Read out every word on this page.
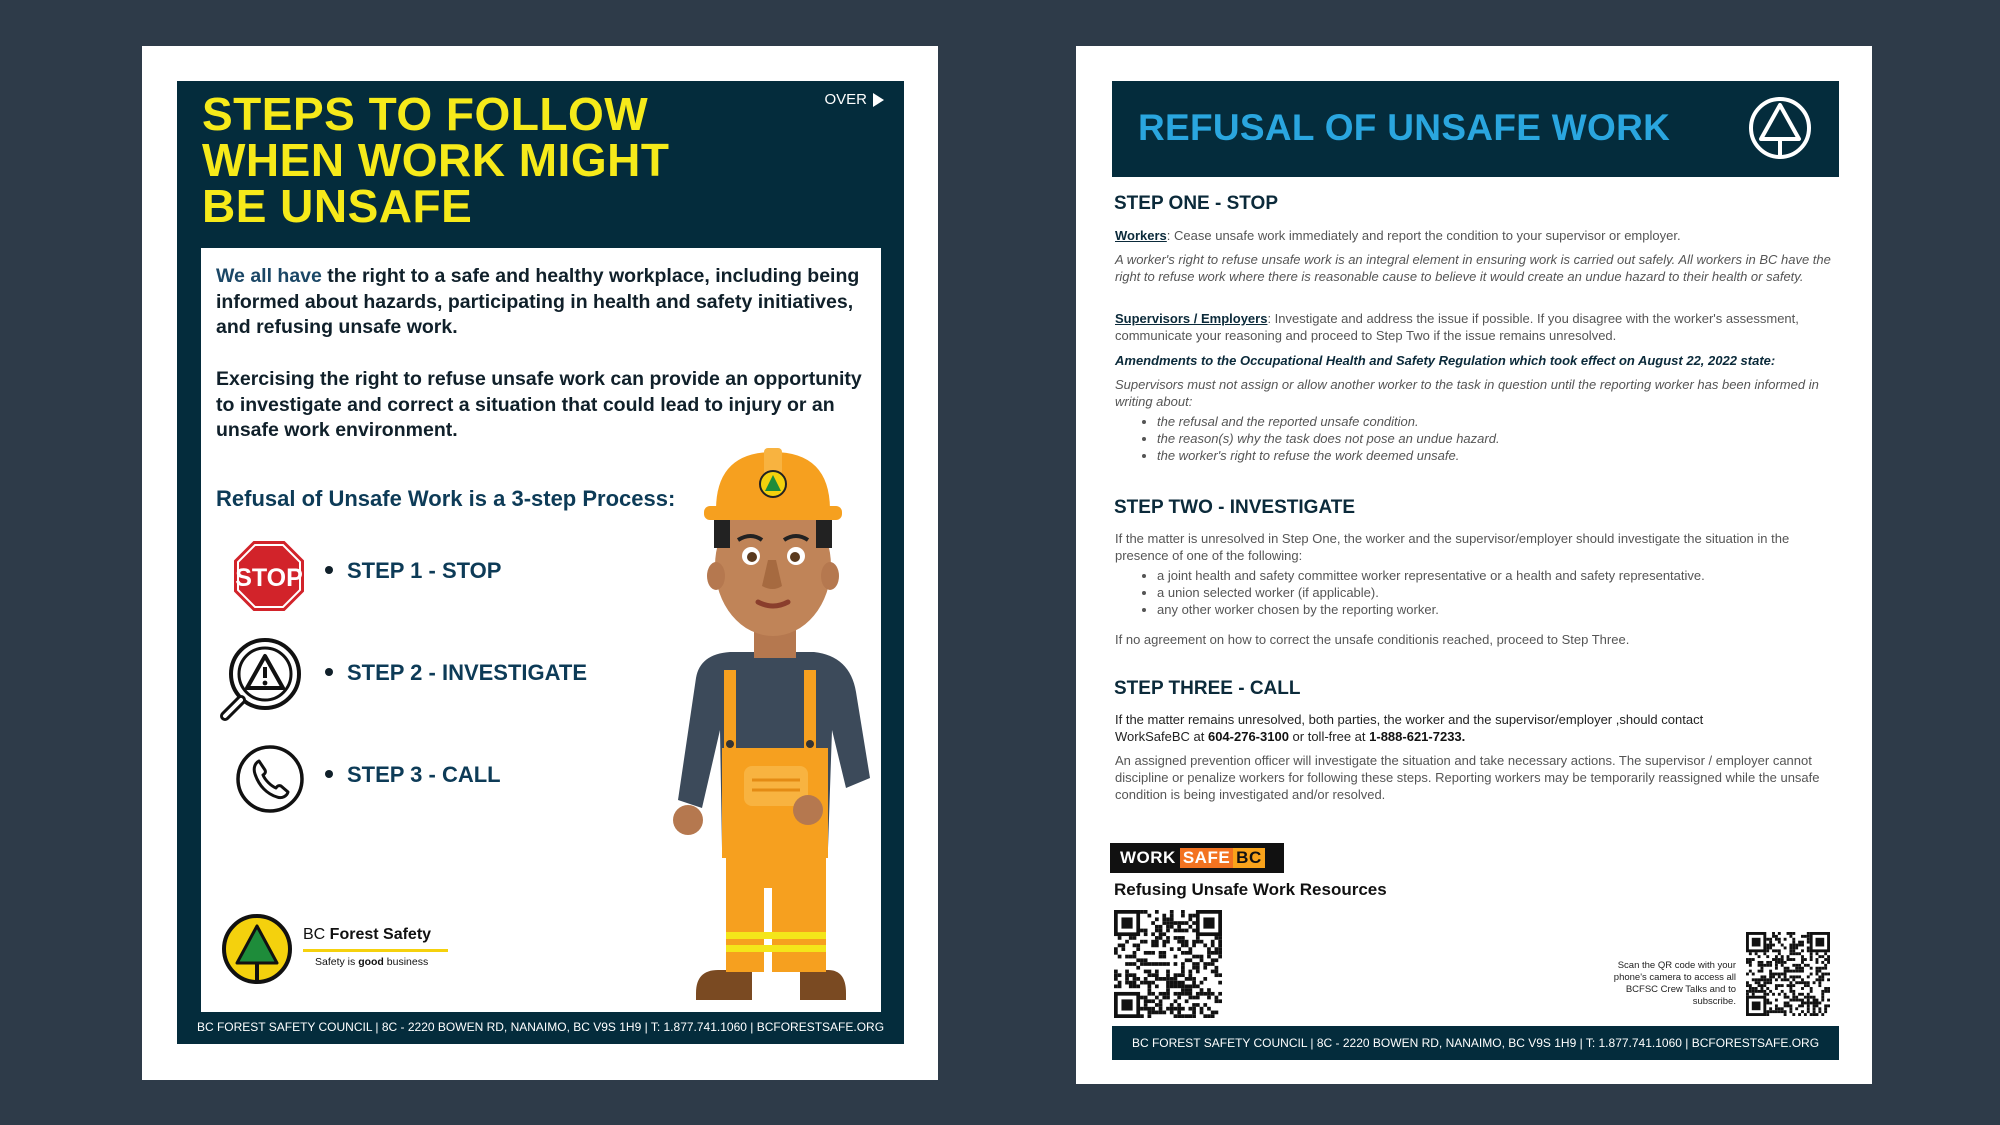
STEPS TO FOLLOW
WHEN WORK MIGHT
BE UNSAFE
OVER
We all have the right to a safe and healthy workplace, including being informed about hazards, participating in health and safety initiatives, and refusing unsafe work.
Exercising the right to refuse unsafe work can provide an opportunity to investigate and correct a situation that could lead to injury or an unsafe work environment.
Refusal of Unsafe Work is a 3-step Process:
STOP	STEP 1 - STOP
STEP 2 - INVESTIGATE
STEP 3 - CALL
BC Forest Safety
Safety is good business
BC FOREST SAFETY COUNCIL | 8C - 2220 BOWEN RD, NANAIMO, BC V9S 1H9 | T: 1.877.741.1060 | BCFORESTSAFE.ORG
REFUSAL OF UNSAFE WORK
STEP ONE - STOP
Workers: Cease unsafe work immediately and report the condition to your supervisor or employer.
A worker's right to refuse unsafe work is an integral element in ensuring work is carried out safely. All workers in BC have the right to refuse work where there is reasonable cause to believe it would create an undue hazard to their health or safety.
Supervisors / Employers: Investigate and address the issue if possible. If you disagree with the worker's assessment, communicate your reasoning and proceed to Step Two if the issue remains unresolved.
Amendments to the Occupational Health and Safety Regulation which took effect on August 22, 2022 state:
Supervisors must not assign or allow another worker to the task in question until the reporting worker has been informed in writing about:
• the refusal and the reported unsafe condition.
• the reason(s) why the task does not pose an undue hazard.
• the worker's right to refuse the work deemed unsafe.
STEP TWO - INVESTIGATE
If the matter is unresolved in Step One, the worker and the supervisor/employer should investigate the situation in the presence of one of the following:
• a joint health and safety committee worker representative or a health and safety representative.
• a union selected worker (if applicable).
• any other worker chosen by the reporting worker.
If no agreement on how to correct the unsafe conditionis reached, proceed to Step Three.
STEP THREE - CALL
If the matter remains unresolved, both parties, the worker and the supervisor/employer ,should contact
WorkSafeBC at 604-276-3100 or toll-free at 1-888-621-7233.
An assigned prevention officer will investigate the situation and take necessary actions. The supervisor / employer cannot discipline or penalize workers for following these steps. Reporting workers may be temporarily reassigned while the unsafe condition is being investigated and/or resolved.
WORK SAFE BC
Refusing Unsafe Work Resources
Scan the QR code with your phone's camera to access all BCFSC Crew Talks and to subscribe.
BC FOREST SAFETY COUNCIL | 8C - 2220 BOWEN RD, NANAIMO, BC V9S 1H9 | T: 1.877.741.1060 | BCFORESTSAFE.ORG
